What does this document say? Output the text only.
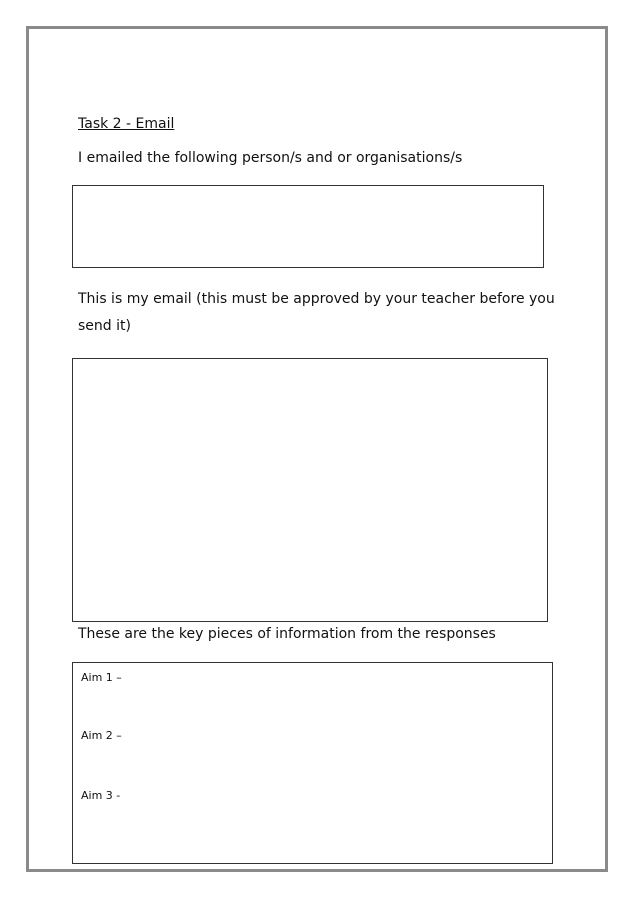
Task 2 - Email
I emailed the following person/s and or organisations/s
This is my email (this must be approved by your teacher before you send it)
These are the key pieces of information from the responses
Aim 1 –
Aim 2 –
Aim 3 -
